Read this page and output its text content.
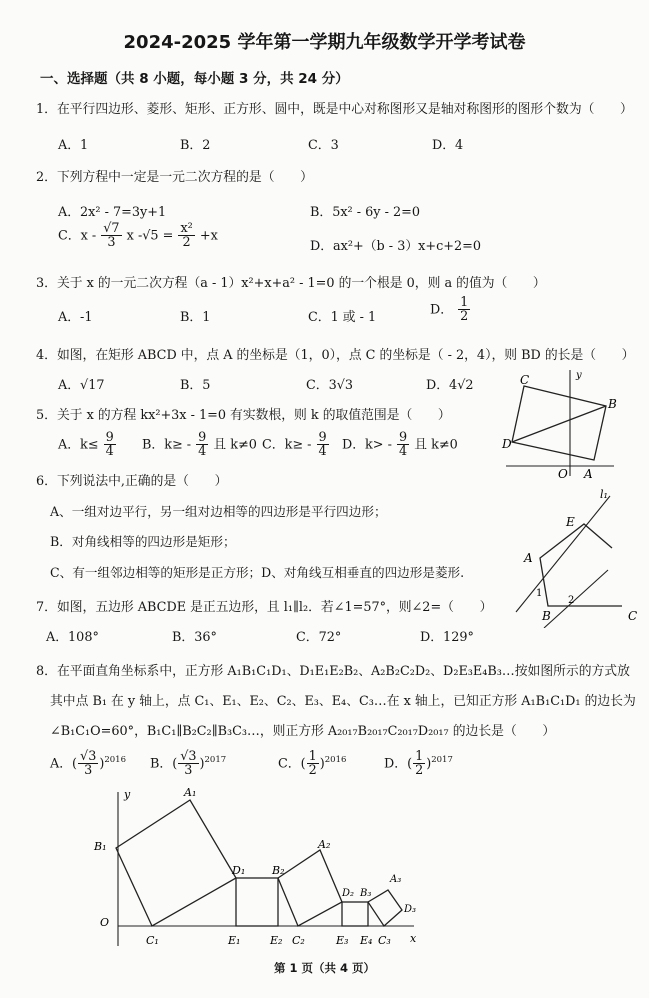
2024-2025 学年第一学期九年级数学开学考试卷
一、选择题（共 8 小题，每小题 3 分，共 24 分）
1．在平行四边形、菱形、矩形、正方形、圆中，既是中心对称图形又是轴对称图形的图形个数为（　　）
A．1	B．2	C．3	D．4
2．下列方程中一定是一元二次方程的是（　　）
A．2x² - 7=3y+1	B．5x² - 6y - 2=0
C．x - $\frac{√7}{3}$ x $-√5 = \frac{\text{x²}}{2} +x$
D．ax²+（b - 3）x+c+2=0
3．关于 x 的一元二次方程（a - 1）x²+x+a² - 1=0 的一个根是 0，则 a 的值为（　　）
A．-1	B．1	C．1 或 - 1
D． $\frac{1}{2}$
4．如图，在矩形 ABCD 中，点 A 的坐标是（1，0），点 C 的坐标是（ - 2，4），则 BD 的长是（　　）
A．√17	B．5	C．3√3	D．4√2
5．关于 x 的方程 kx²+3x - 1=0 有实数根，则 k 的取值范围是（　　）
A．$k\le \frac{9}{4}$ B．$k\ge - \frac{9}{4}$ 且 k≠0 C．$k\ge - \frac{9}{4}$ D．$k> - \frac{9}{4}$ 且 k≠0
C	y
B
D
O A
6．下列说法中,正确的是（　　）
A、一组对边平行，另一组对边相等的四边形是平行四边形；
B．对角线相等的四边形是矩形；
C、有一组邻边相等的矩形是正方形；D、对角线互相垂直的四边形是菱形.
l₁
E
A
1
2
B	C
7．如图，五边形 ABCDE 是正五边形，且 l₁∥l₂．若∠1=57°，则∠2=（　　）
A．108°	B．36°	C．72°	D．129°
8．在平面直角坐标系中，正方形 A₁B₁C₁D₁、D₁E₁E₂B₂、A₂B₂C₂D₂、D₂E₃E₄B₃…按如图所示的方式放
其中点 B₁ 在 y 轴上，点 C₁、E₁、E₂、C₂、E₃、E₄、C₃…在 x 轴上，已知正方形 A₁B₁C₁D₁ 的边长为
∠B₁C₁O=60°，B₁C₁∥B₂C₂∥B₃C₃…，则正方形 A₂₀₁₇B₂₀₁₇C₂₀₁₇D₂₀₁₇ 的边长是（　　）
A．( $\frac{√3}{3} )^{2016}$ B．( $\frac{√3}{3} )^{2017}$	C．( $\frac{1}{2} )^{2016}$	D．( $\frac{1}{2} )^{2017}$
y	A₁
B₁	A₂
D₁ B₂
D₂ B₃
A₃
D₃
O
C₁	E₁	E₂ C₂	E₃ E₄ C₃ x
第 1 页（共 4 页）
